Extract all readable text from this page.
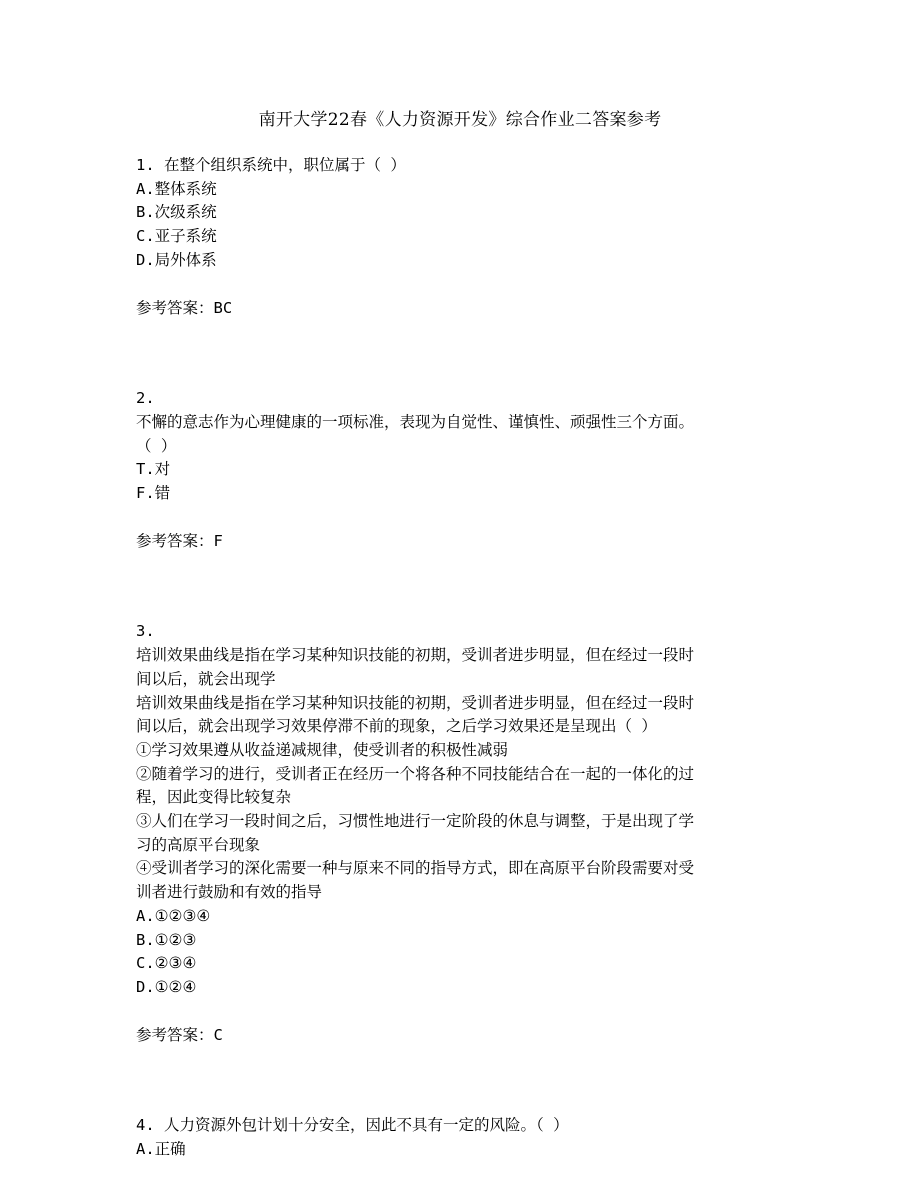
南开大学22春《人力资源开发》综合作业二答案参考
1. 在整个组织系统中，职位属于（ ）
A.整体系统
B.次级系统
C.亚子系统
D.局外体系
参考答案：BC
2.
不懈的意志作为心理健康的一项标准，表现为自觉性、谨慎性、顽强性三个方面。
（ ）
T.对
F.错
参考答案：F
3.
培训效果曲线是指在学习某种知识技能的初期，受训者进步明显，但在经过一段时
间以后，就会出现学
培训效果曲线是指在学习某种知识技能的初期，受训者进步明显，但在经过一段时
间以后，就会出现学习效果停滞不前的现象，之后学习效果还是呈现出（ ）
①学习效果遵从收益递减规律，使受训者的积极性减弱
②随着学习的进行，受训者正在经历一个将各种不同技能结合在一起的一体化的过
程，因此变得比较复杂
③人们在学习一段时间之后，习惯性地进行一定阶段的休息与调整，于是出现了学
习的高原平台现象
④受训者学习的深化需要一种与原来不同的指导方式，即在高原平台阶段需要对受
训者进行鼓励和有效的指导
A.①②③④
B.①②③
C.②③④
D.①②④
参考答案：C
4. 人力资源外包计划十分安全，因此不具有一定的风险。（ ）
A.正确
